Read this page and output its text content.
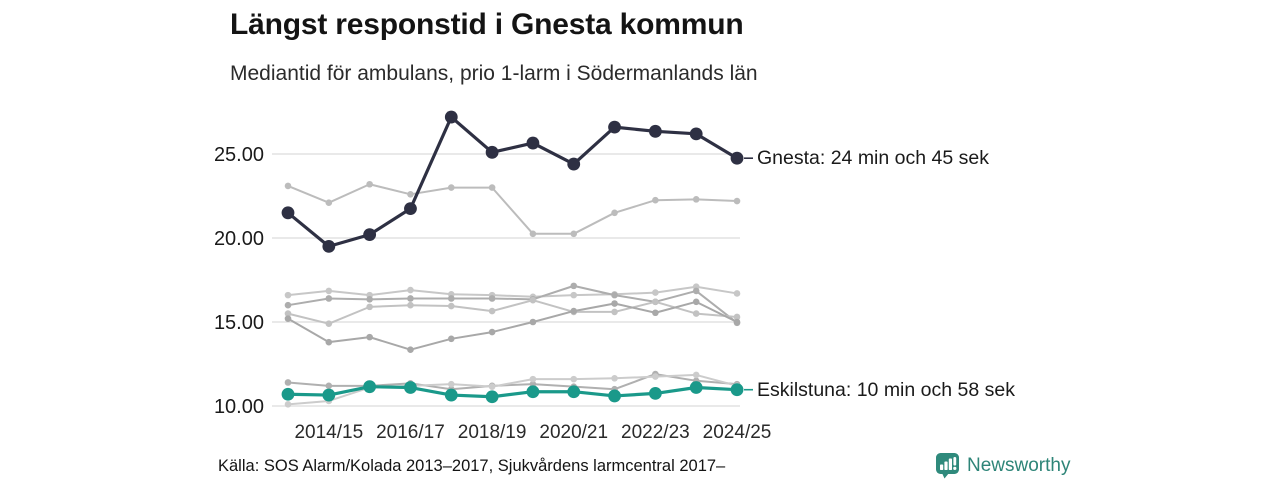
Längst responstid i Gnesta kommun

Mediantid för ambulans, prio 1-larm i Södermanlands län

25.00
20.00
15.00
10.00
2014/15 2016/17 2018/19 2020/21 2022/23 2024/25
Gnesta: 24 min och 45 sek
Eskilstuna: 10 min och 58 sek
Källa: SOS Alarm/Kolada 2013–2017, Sjukvårdens larmcentral 2017–	Newsworthy
